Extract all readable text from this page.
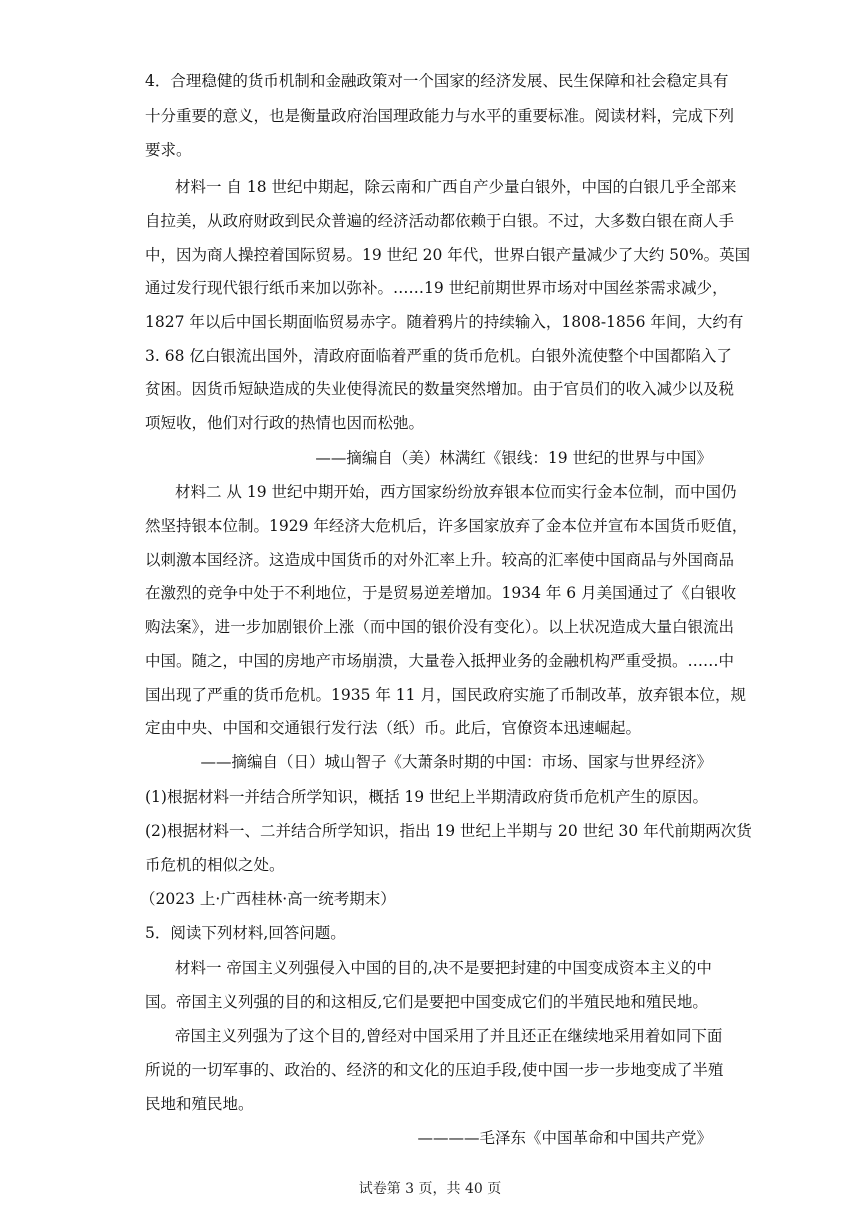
4．合理稳健的货币机制和金融政策对一个国家的经济发展、民生保障和社会稳定具有
十分重要的意义，也是衡量政府治国理政能力与水平的重要标准。阅读材料，完成下列
要求。
材料一 自 18 世纪中期起，除云南和广西自产少量白银外，中国的白银几乎全部来
自拉美，从政府财政到民众普遍的经济活动都依赖于白银。不过，大多数白银在商人手
中，因为商人操控着国际贸易。19 世纪 20 年代，世界白银产量减少了大约 50%。英国
通过发行现代银行纸币来加以弥补。……19 世纪前期世界市场对中国丝茶需求减少，
1827 年以后中国长期面临贸易赤字。随着鸦片的持续输入，1808-1856 年间，大约有
3. 68 亿白银流出国外，清政府面临着严重的货币危机。白银外流使整个中国都陷入了
贫困。因货币短缺造成的失业使得流民的数量突然增加。由于官员们的收入减少以及税
项短收，他们对行政的热情也因而松弛。
——摘编自（美）林满红《银线：19 世纪的世界与中国》
材料二 从 19 世纪中期开始，西方国家纷纷放弃银本位而实行金本位制，而中国仍
然坚持银本位制。1929 年经济大危机后，许多国家放弃了金本位并宣布本国货币贬值，
以刺激本国经济。这造成中国货币的对外汇率上升。较高的汇率使中国商品与外国商品
在激烈的竞争中处于不利地位，于是贸易逆差增加。1934 年 6 月美国通过了《白银收
购法案》，进一步加剧银价上涨（而中国的银价没有变化）。以上状况造成大量白银流出
中国。随之，中国的房地产市场崩溃，大量卷入抵押业务的金融机构严重受损。……中
国出现了严重的货币危机。1935 年 11 月，国民政府实施了币制改革，放弃银本位，规
定由中央、中国和交通银行发行法（纸）币。此后，官僚资本迅速崛起。
——摘编自（日）城山智子《大萧条时期的中国：市场、国家与世界经济》
(1)根据材料一并结合所学知识，概括 19 世纪上半期清政府货币危机产生的原因。
(2)根据材料一、二并结合所学知识，指出 19 世纪上半期与 20 世纪 30 年代前期两次货
币危机的相似之处。
（2023 上·广西桂林·高一统考期末）
5．阅读下列材料,回答问题。
材料一 帝国主义列强侵入中国的目的,决不是要把封建的中国变成资本主义的中
国。帝国主义列强的目的和这相反,它们是要把中国变成它们的半殖民地和殖民地。
帝国主义列强为了这个目的,曾经对中国采用了并且还正在继续地采用着如同下面
所说的一切军事的、政治的、经济的和文化的压迫手段,使中国一步一步地变成了半殖
民地和殖民地。
————毛泽东《中国革命和中国共产党》
试卷第 3 页，共 40 页
